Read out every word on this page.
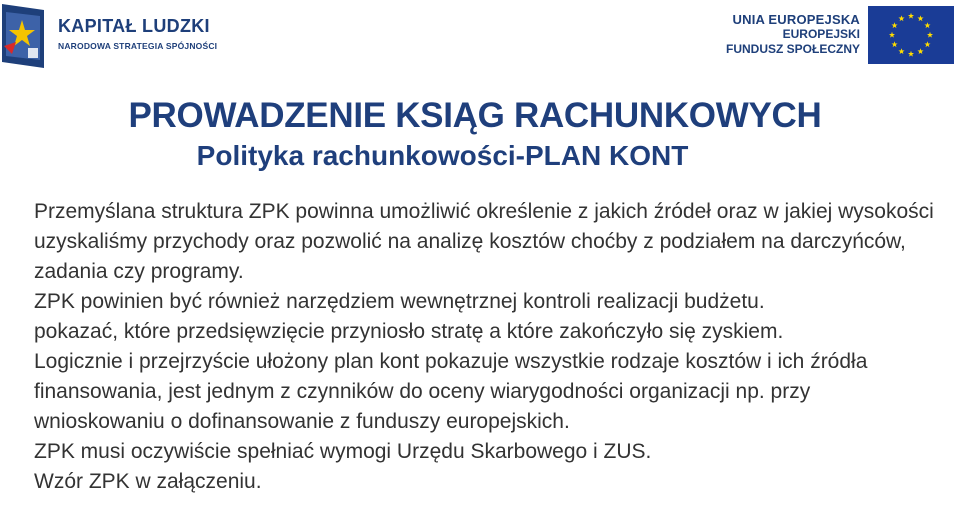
KAPITAŁ LUDZKI
NARODOWA STRATEGIA SPÓJNOŚCI
UNIA EUROPEJSKA
EUROPEJSKI
FUNDUSZ SPOŁECZNY
PROWADZENIE KSIĄG RACHUNKOWYCH
Polityka rachunkowości-PLAN KONT

Przemyślana struktura ZPK powinna umożliwić określenie z jakich źródeł oraz w jakiej wysokości uzyskaliśmy przychody oraz pozwolić na analizę kosztów choćby z podziałem na darczyńców, zadania czy programy.

ZPK powinien być również narzędziem wewnętrznej kontroli realizacji budżetu.

pokazać, które przedsięwzięcie przyniosło stratę a które zakończyło się zyskiem.

Logicznie i przejrzyście ułożony plan kont pokazuje wszystkie rodzaje kosztów i ich źródła finansowania, jest jednym z czynników do oceny wiarygodności organizacji np. przy wnioskowaniu o dofinansowanie z funduszy europejskich.

ZPK musi oczywiście spełniać wymogi Urzędu Skarbowego i ZUS.

Wzór ZPK w załączeniu.
